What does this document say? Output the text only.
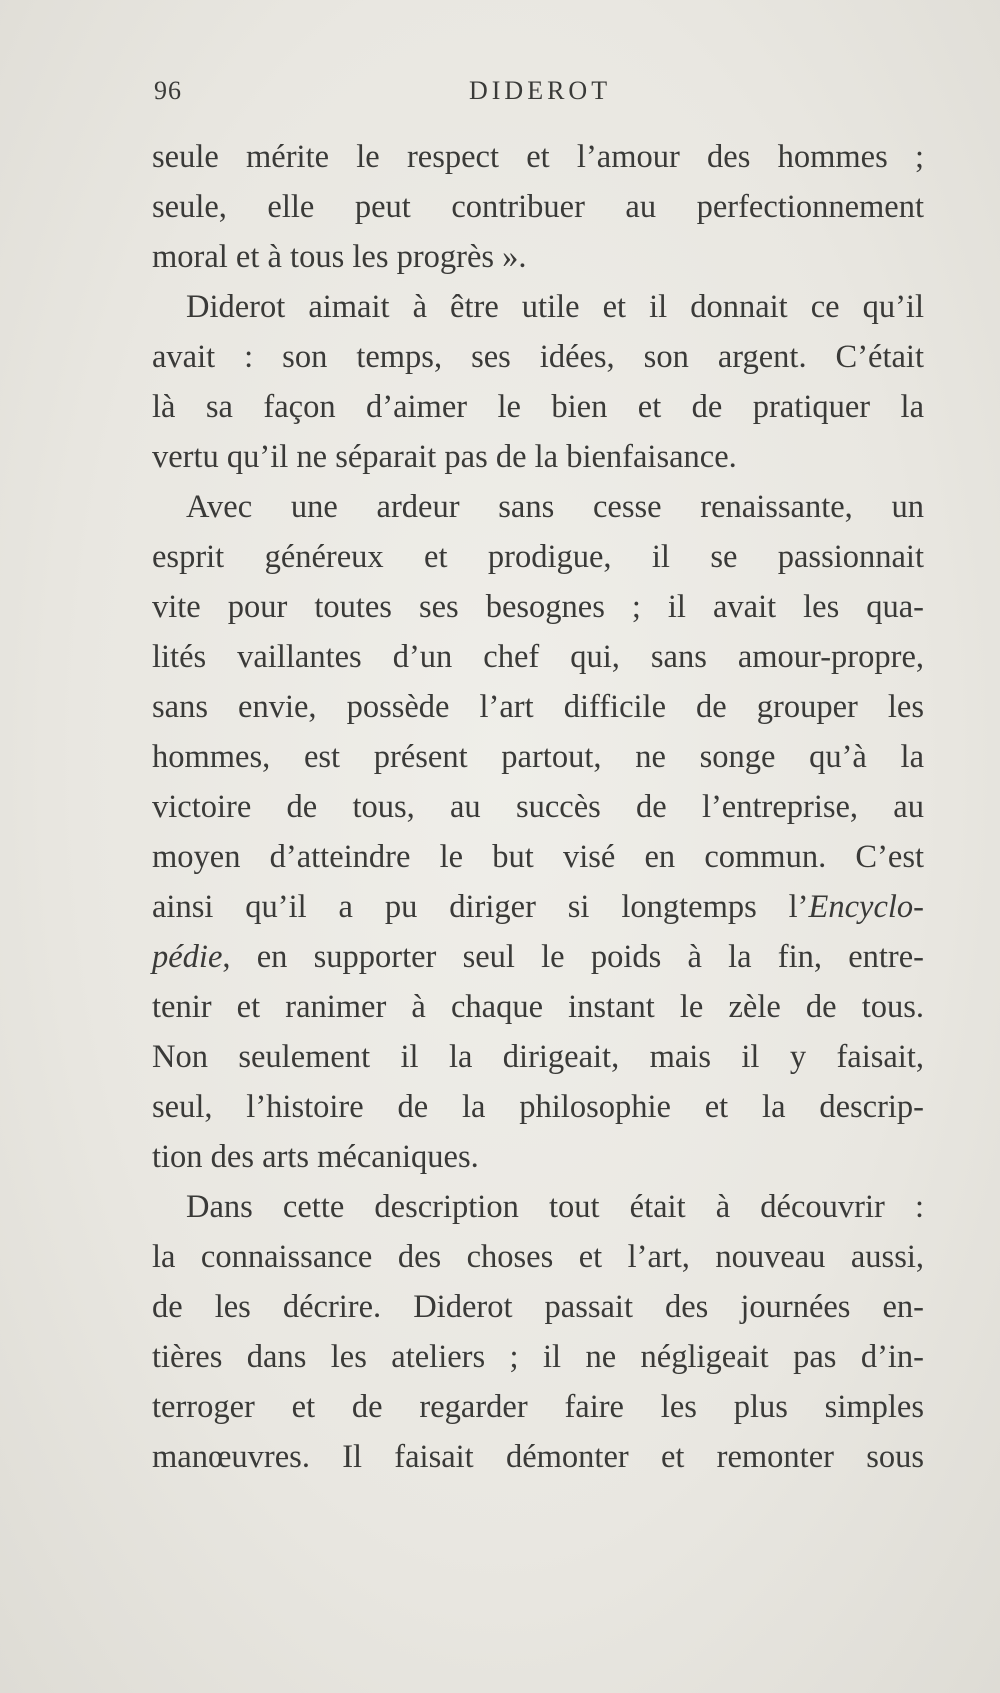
96	DIDEROT
seule mérite le respect et l’amour des hommes ;
seule, elle peut contribuer au perfectionnement
moral et à tous les progrès ».
Diderot aimait à être utile et il donnait ce qu’il
avait : son temps, ses idées, son argent. C’était
là sa façon d’aimer le bien et de pratiquer la
vertu qu’il ne séparait pas de la bienfaisance.
Avec une ardeur sans cesse renaissante, un
esprit généreux et prodigue, il se passionnait
vite pour toutes ses besognes ; il avait les qua-
lités vaillantes d’un chef qui, sans amour-propre,
sans envie, possède l’art difficile de grouper les
hommes, est présent partout, ne songe qu’à la
victoire de tous, au succès de l’entreprise, au
moyen d’atteindre le but visé en commun. C’est
ainsi qu’il a pu diriger si longtemps l’Encyclo-
pédie, en supporter seul le poids à la fin, entre-
tenir et ranimer à chaque instant le zèle de tous.
Non seulement il la dirigeait, mais il y faisait,
seul, l’histoire de la philosophie et la descrip-
tion des arts mécaniques.
Dans cette description tout était à découvrir :
la connaissance des choses et l’art, nouveau aussi,
de les décrire. Diderot passait des journées en-
tières dans les ateliers ; il ne négligeait pas d’in-
terroger et de regarder faire les plus simples
manœuvres. Il faisait démonter et remonter sous
